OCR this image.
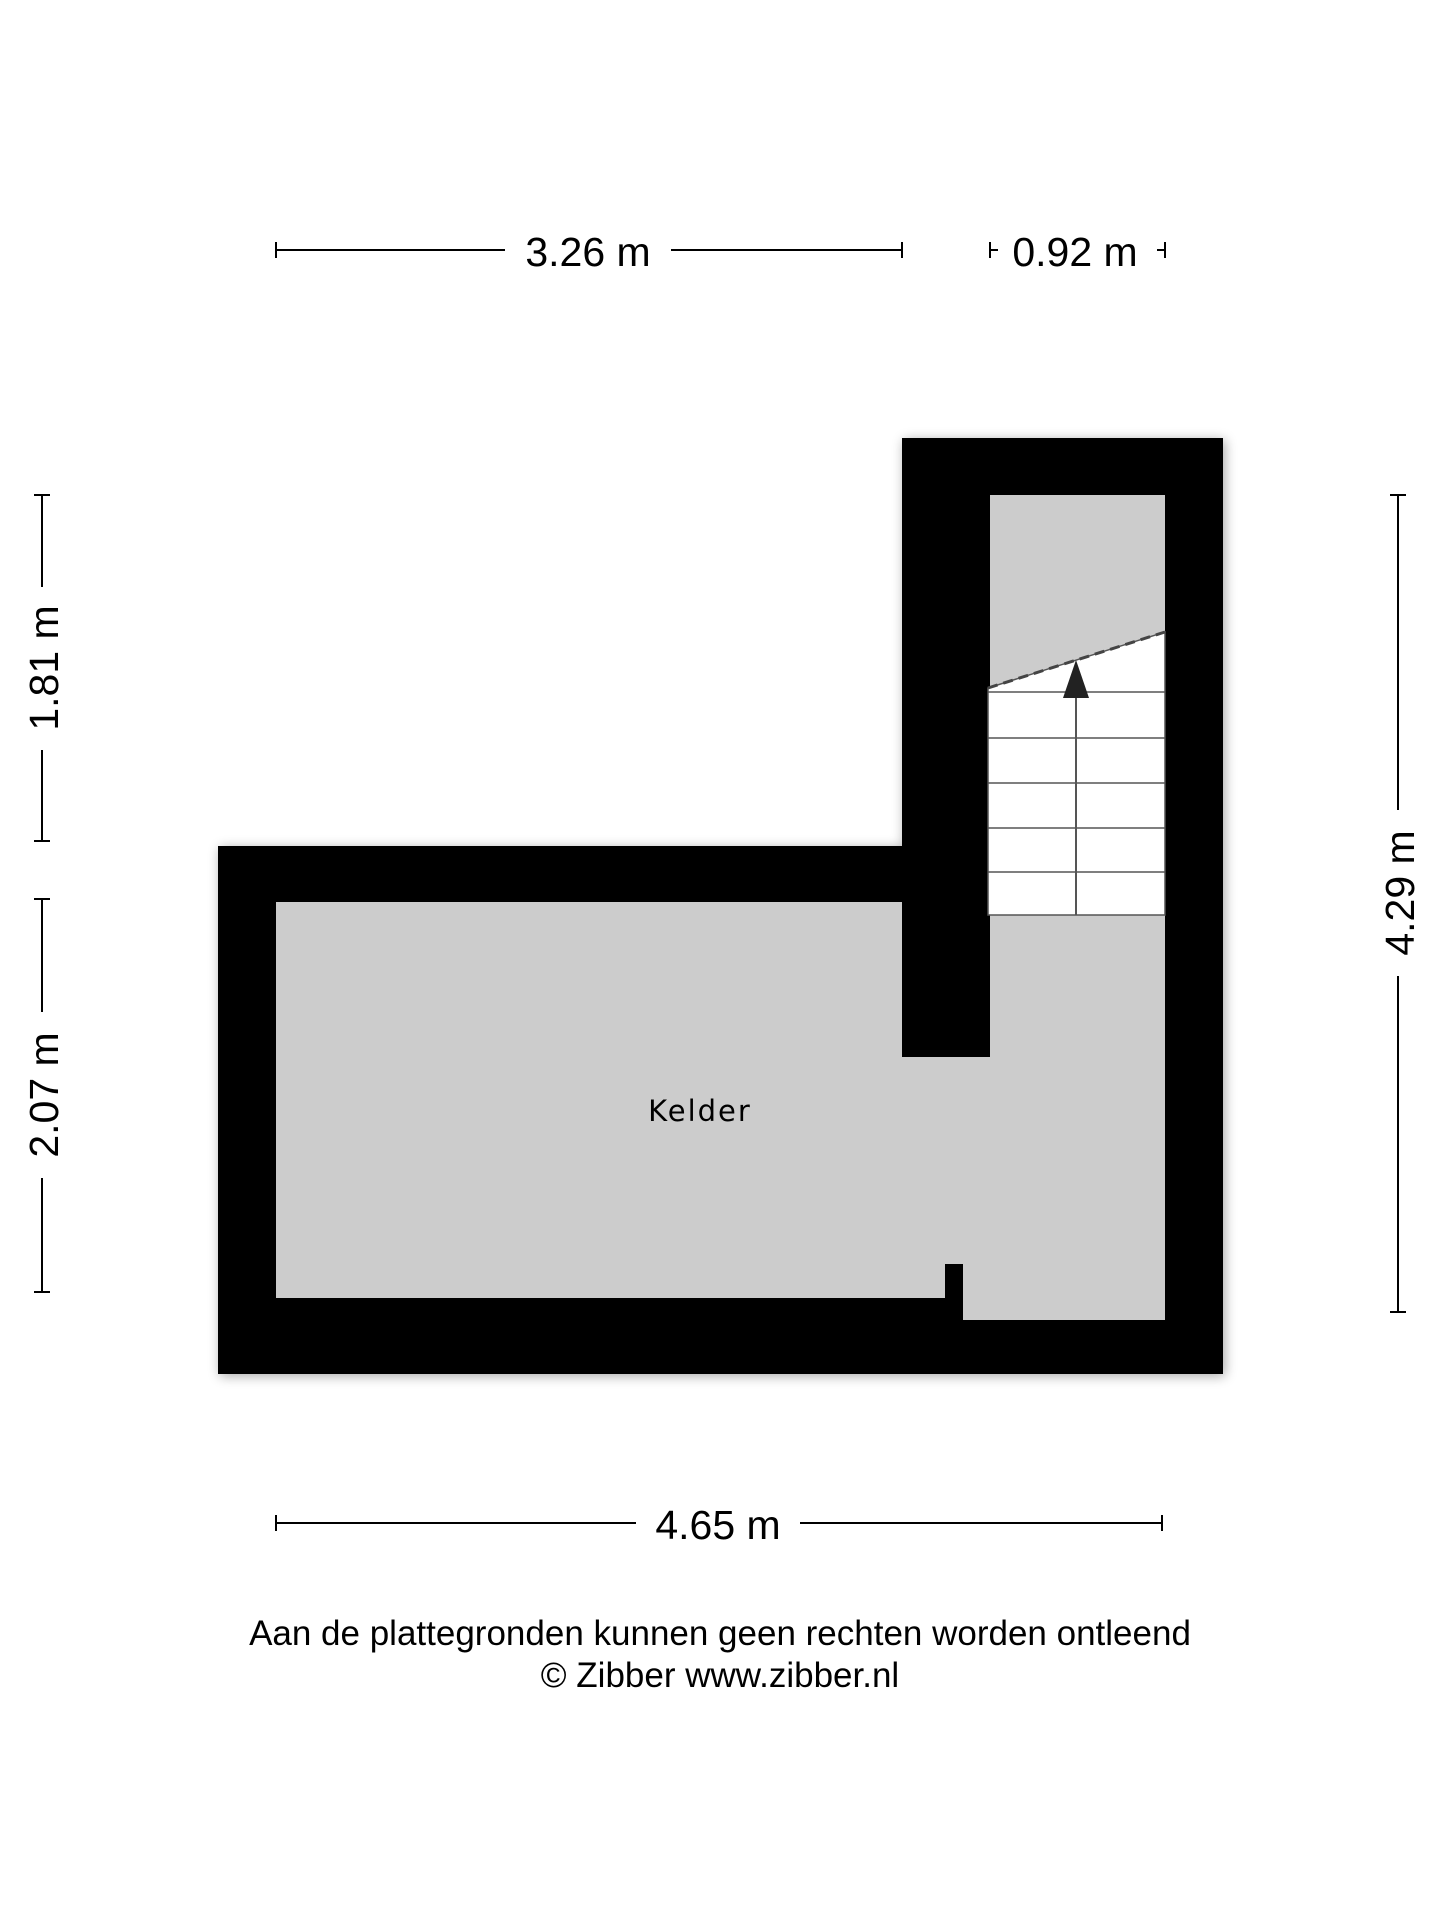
Kelder
3.26 m	0.92 m
1.81 m
2.07 m
4.29 m
4.65 m
Aan de plattegronden kunnen geen rechten worden ontleend
© Zibber www.zibber.nl
